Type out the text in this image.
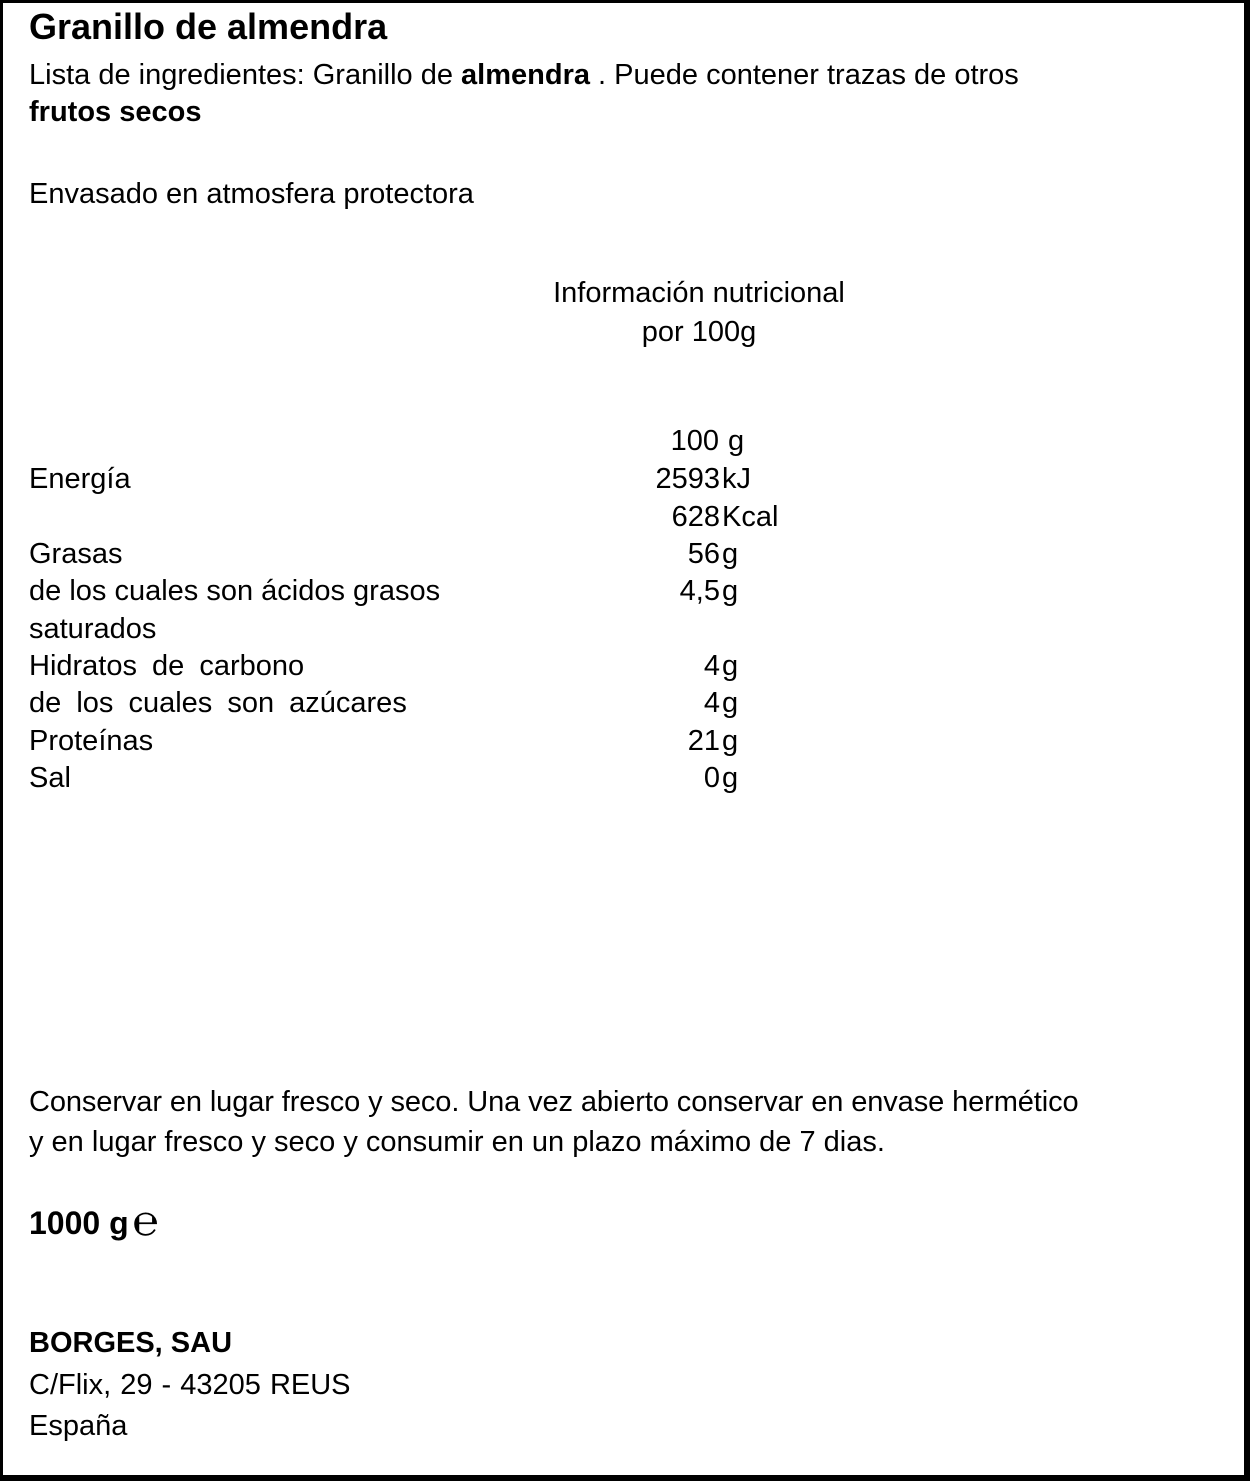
Granillo de almendra
Lista de ingredientes: Granillo de almendra . Puede contener trazas de otros
frutos secos
Envasado en atmosfera protectora
Información nutricional
por 100g
100 g
Energía	2593 kJ
628 Kcal
Grasas	56 g
de los cuales son ácidos grasos	4,5 g
saturados
Hidratos de carbono	4 g
de los cuales son azúcares	4 g
Proteínas	21 g
Sal	0 g
Conservar en lugar fresco y seco. Una vez abierto conservar en envase hermético
y en lugar fresco y seco y consumir en un plazo máximo de 7 dias.
1000 g℮
BORGES, SAU
C/Flix, 29 - 43205 REUS
España
